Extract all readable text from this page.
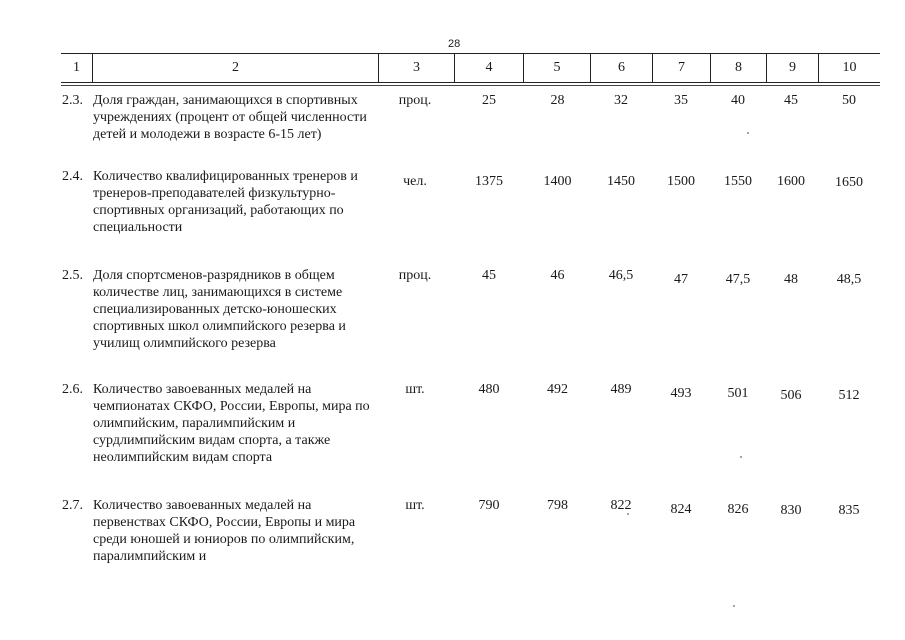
28
1	2	3	4	5	6	7	8	9	10
2.3. Доля граждан, занимающихся в спортивных учреждениях (процент от общей численности детей и молодежи в возрасте 6-15 лет)
проц.	25	28	32	35	40	45	50
2.4. Количество квалифицированных тренеров и тренеров-преподавателей физкультурно-спортивных организаций, работающих по специальности
чел.	1375	1400	1450	1500	1550	1600	1650
2.5. Доля спортсменов-разрядников в общем количестве лиц, занимающихся в системе специализированных детско-юношеских спортивных школ олимпийского резерва и училищ олимпийского резерва
проц.	45	46	46,5	47	47,5	48	48,5
2.6. Количество завоеванных медалей на чемпионатах СКФО, России, Европы, мира по олимпийским, паралимпийским и сурдлимпийским видам спорта, а также неолимпийским видам спорта
шт.	480	492	489	493	501	506	512
2.7. Количество завоеванных медалей на первенствах СКФО, России, Европы и мира среди юношей и юниоров по олимпийским, паралимпийским и
шт.	790	798	822	824	826	830	835
